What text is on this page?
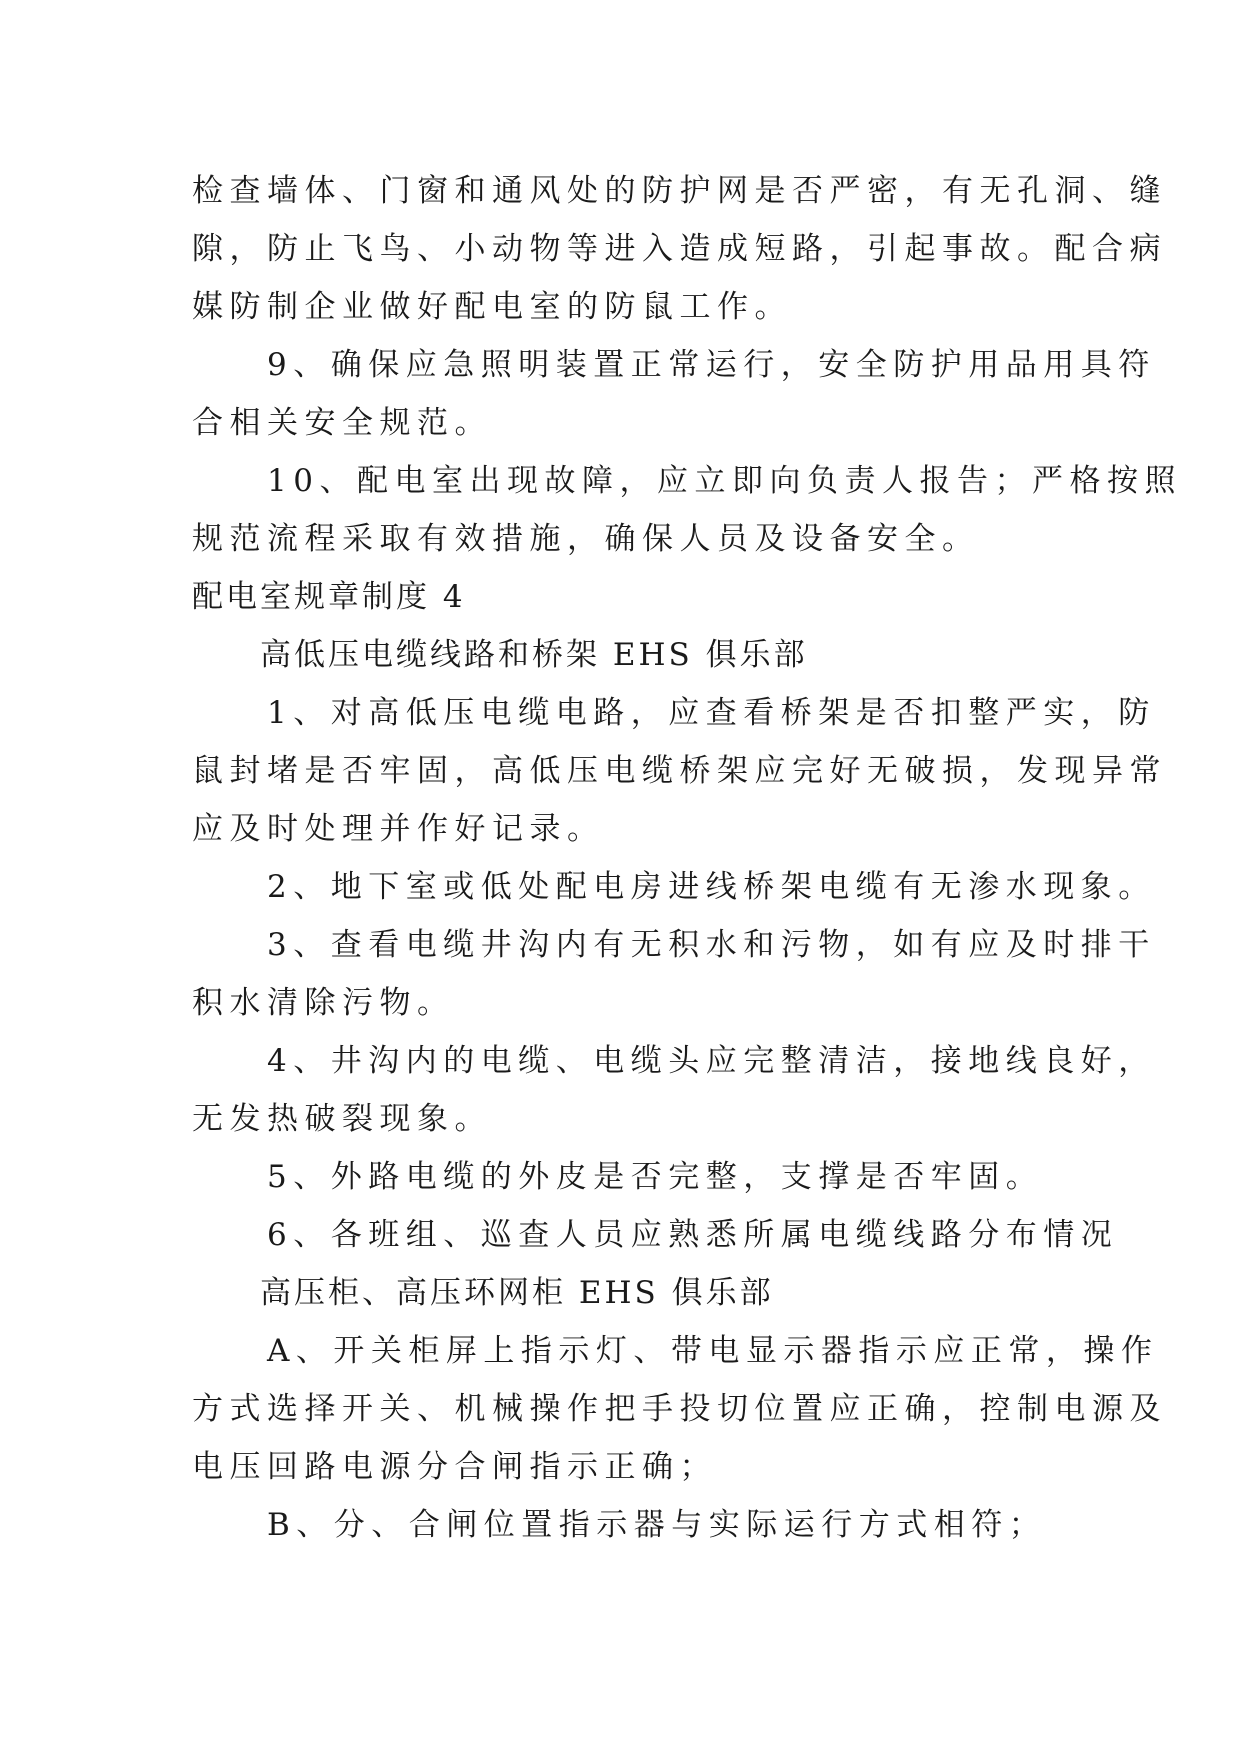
检查墙体、门窗和通风处的防护网是否严密，有无孔洞、缝

隙，防止飞鸟、小动物等进入造成短路，引起事故。配合病

媒防制企业做好配电室的防鼠工作。

　　9、确保应急照明装置正常运行，安全防护用品用具符

合相关安全规范。

　　10、配电室出现故障，应立即向负责人报告；严格按照

规范流程采取有效措施，确保人员及设备安全。

配电室规章制度 4

　　高低压电缆线路和桥架 EHS 俱乐部

　　1、对高低压电缆电路，应查看桥架是否扣整严实，防

鼠封堵是否牢固，高低压电缆桥架应完好无破损，发现异常

应及时处理并作好记录。

　　2、地下室或低处配电房进线桥架电缆有无渗水现象。

　　3、查看电缆井沟内有无积水和污物，如有应及时排干

积水清除污物。

　　4、井沟内的电缆、电缆头应完整清洁，接地线良好，

无发热破裂现象。

　　5、外路电缆的外皮是否完整，支撑是否牢固。

　　6、各班组、巡查人员应熟悉所属电缆线路分布情况

　　高压柜、高压环网柜 EHS 俱乐部

　　A、开关柜屏上指示灯、带电显示器指示应正常，操作

方式选择开关、机械操作把手投切位置应正确，控制电源及

电压回路电源分合闸指示正确；

　　B、分、合闸位置指示器与实际运行方式相符；
